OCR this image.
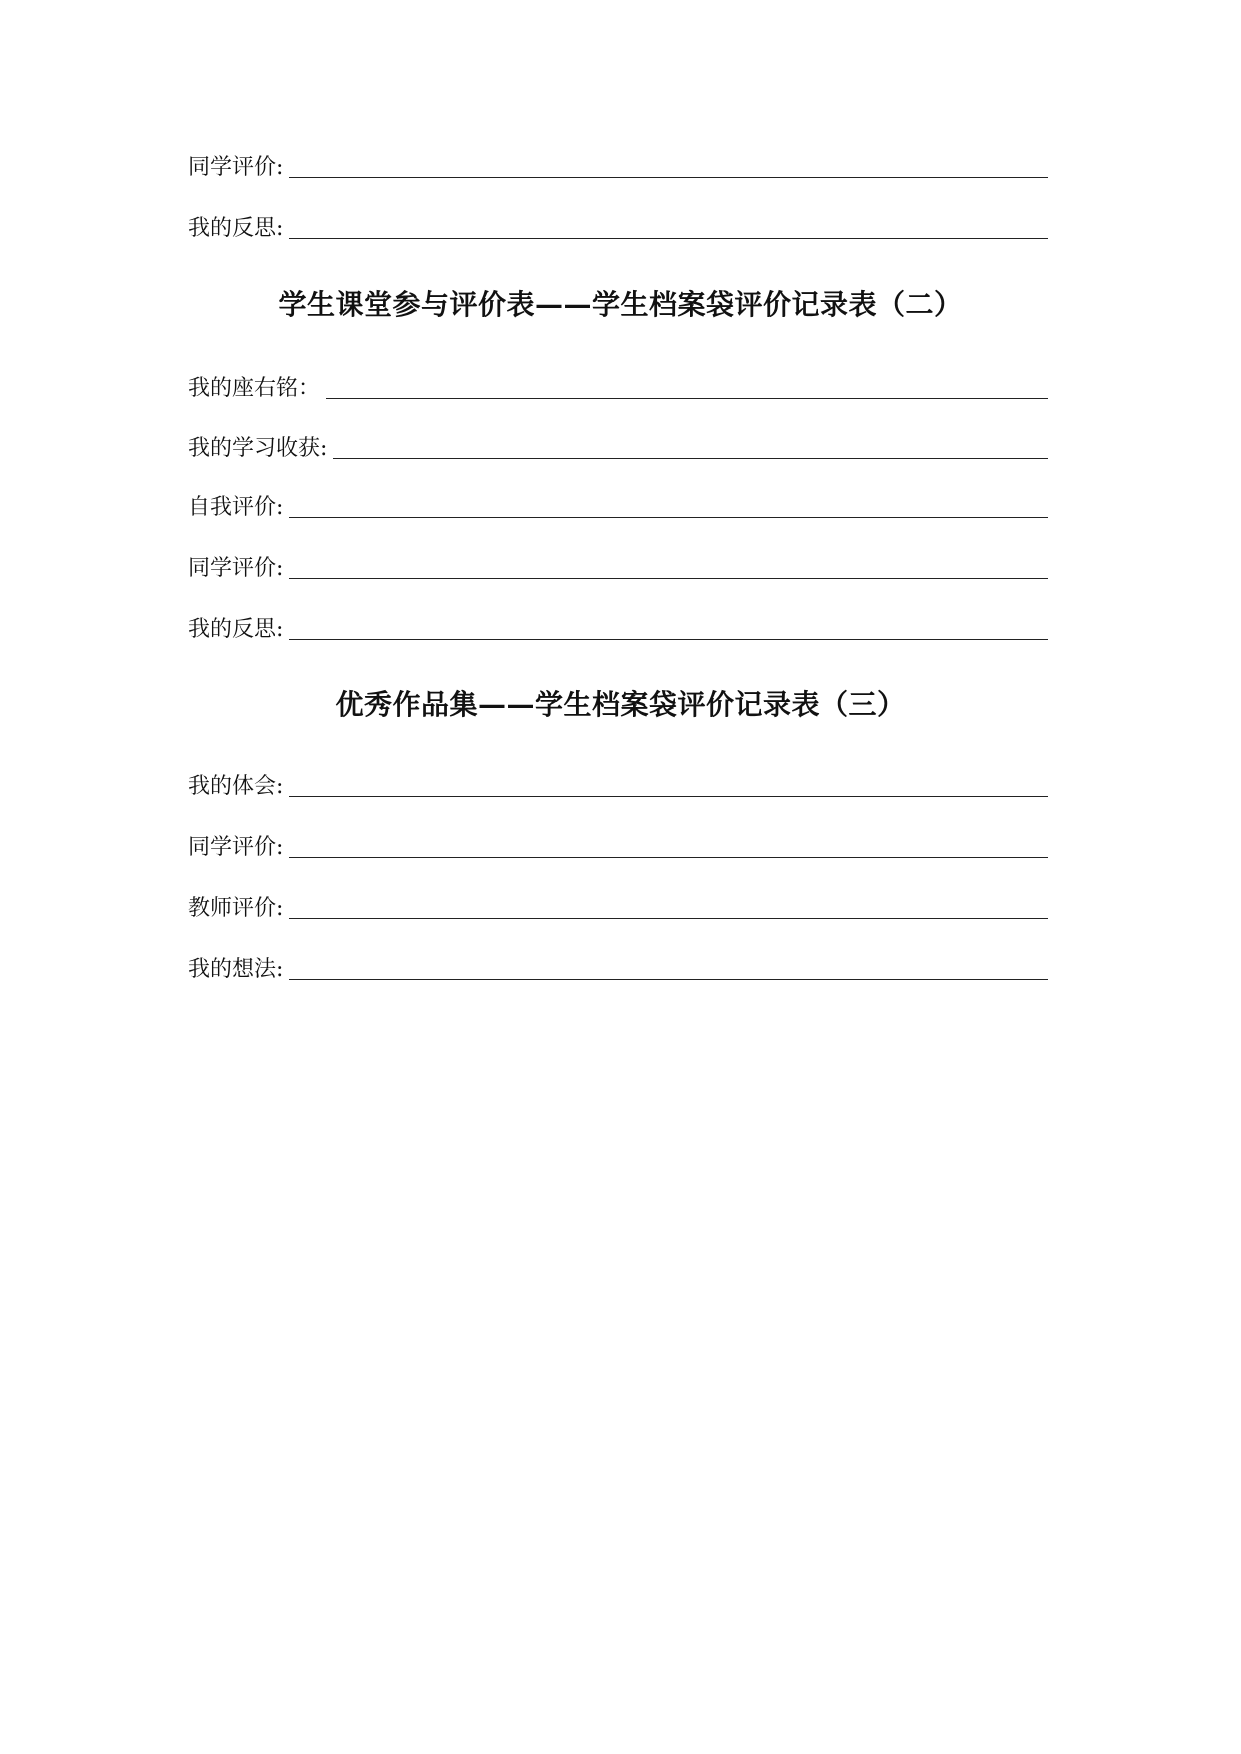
同学评价:
我的反思:
学生课堂参与评价表——学生档案袋评价记录表（二）
我的座右铭：
我的学习收获:
自我评价:
同学评价:
我的反思:
优秀作品集——学生档案袋评价记录表（三）
我的体会:
同学评价:
教师评价:
我的想法:
